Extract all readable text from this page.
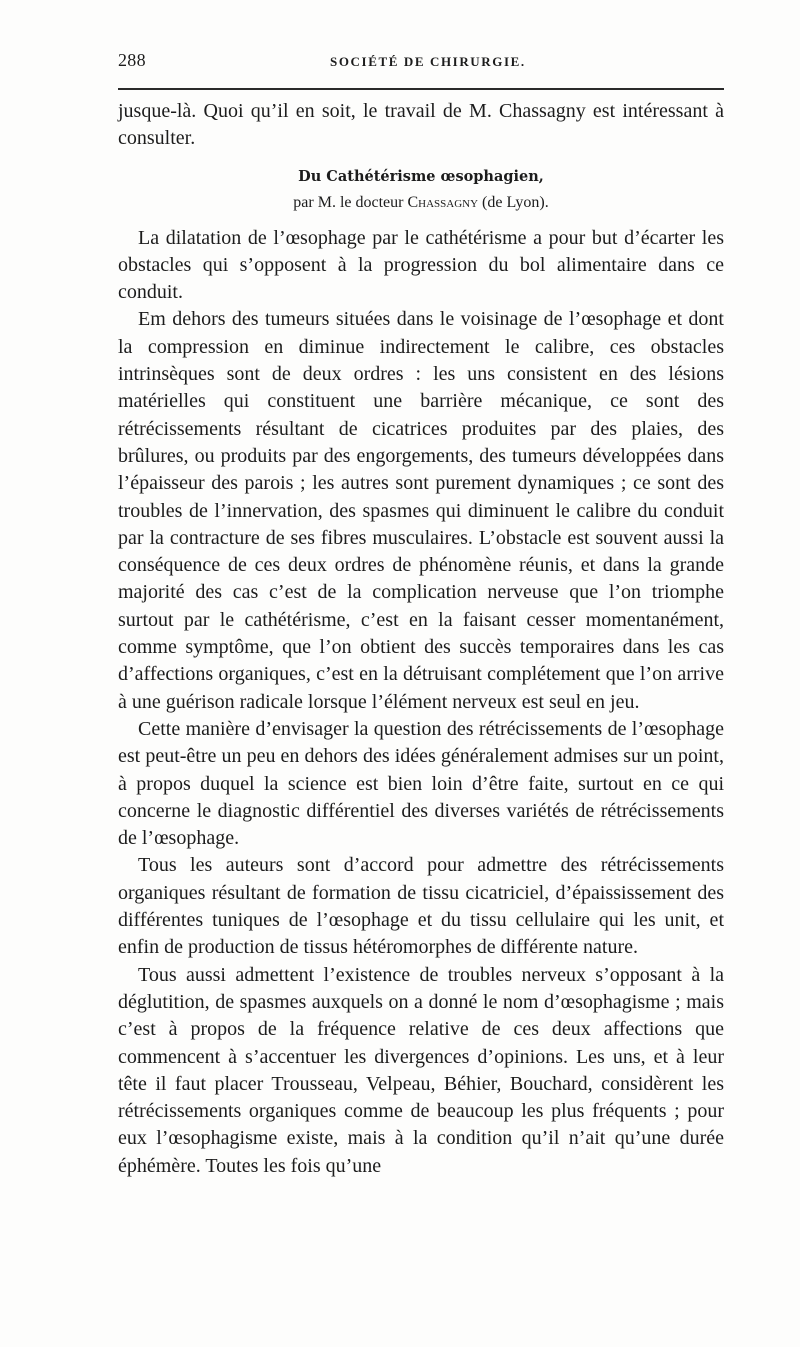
288	SOCIÉTÉ DE CHIRURGIE.

jusque-là. Quoi qu’il en soit, le travail de M. Chassagny est intéressant à consulter.

Du Cathétérisme œsophagien,

par M. le docteur Chassagny (de Lyon).

La dilatation de l’œsophage par le cathétérisme a pour but d’écarter les obstacles qui s’opposent à la progression du bol alimentaire dans ce conduit.

Em dehors des tumeurs situées dans le voisinage de l’œsophage et dont la compression en diminue indirectement le calibre, ces obstacles intrinsèques sont de deux ordres : les uns consistent en des lésions matérielles qui constituent une barrière mécanique, ce sont des rétrécissements résultant de cicatrices produites par des plaies, des brûlures, ou produits par des engorgements, des tumeurs développées dans l’épaisseur des parois ; les autres sont purement dynamiques ; ce sont des troubles de l’innervation, des spasmes qui diminuent le calibre du conduit par la contracture de ses fibres musculaires. L’obstacle est souvent aussi la conséquence de ces deux ordres de phénomène réunis, et dans la grande majorité des cas c’est de la complication nerveuse que l’on triomphe surtout par le cathétérisme, c’est en la faisant cesser momentanément, comme symptôme, que l’on obtient des succès temporaires dans les cas d’affections organiques, c’est en la détruisant complétement que l’on arrive à une guérison radicale lorsque l’élément nerveux est seul en jeu.

Cette manière d’envisager la question des rétrécissements de l’œsophage est peut-être un peu en dehors des idées généralement admises sur un point, à propos duquel la science est bien loin d’être faite, surtout en ce qui concerne le diagnostic différentiel des diverses variétés de rétrécissements de l’œsophage.

Tous les auteurs sont d’accord pour admettre des rétrécissements organiques résultant de formation de tissu cicatriciel, d’épaississement des différentes tuniques de l’œsophage et du tissu cellulaire qui les unit, et enfin de production de tissus hétéromorphes de différente nature.

Tous aussi admettent l’existence de troubles nerveux s’opposant à la déglutition, de spasmes auxquels on a donné le nom d’œsophagisme ; mais c’est à propos de la fréquence relative de ces deux affections que commencent à s’accentuer les divergences d’opinions. Les uns, et à leur tête il faut placer Trousseau, Velpeau, Béhier, Bouchard, considèrent les rétrécissements organiques comme de beaucoup les plus fréquents ; pour eux l’œsophagisme existe, mais à la condition qu’il n’ait qu’une durée éphémère. Toutes les fois qu’une
